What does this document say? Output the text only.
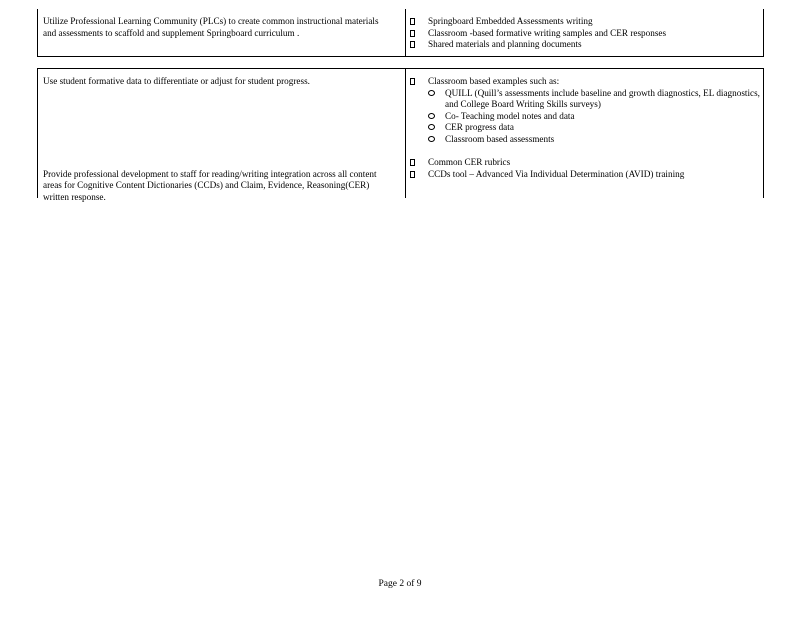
Utilize Professional Learning Community (PLCs) to create common instructional materials and assessments to scaffold and supplement Springboard curriculum .
Springboard Embedded Assessments writing
Classroom -based formative writing samples and CER responses
Shared materials and planning documents
Use student formative data to differentiate or adjust for student progress.	Classroom based examples such as:
QUILL (Quill’s assessments include baseline and growth diagnostics, EL diagnostics, and College Board Writing Skills surveys)
Co- Teaching model notes and data
CER progress data
Classroom based assessments
Provide professional development to staff for reading/writing integration across all content areas for Cognitive Content Dictionaries (CCDs) and Claim, Evidence, Reasoning(CER) written response.
Common CER rubrics
CCDs tool – Advanced Via Individual Determination (AVID) training
Page 2 of 9
